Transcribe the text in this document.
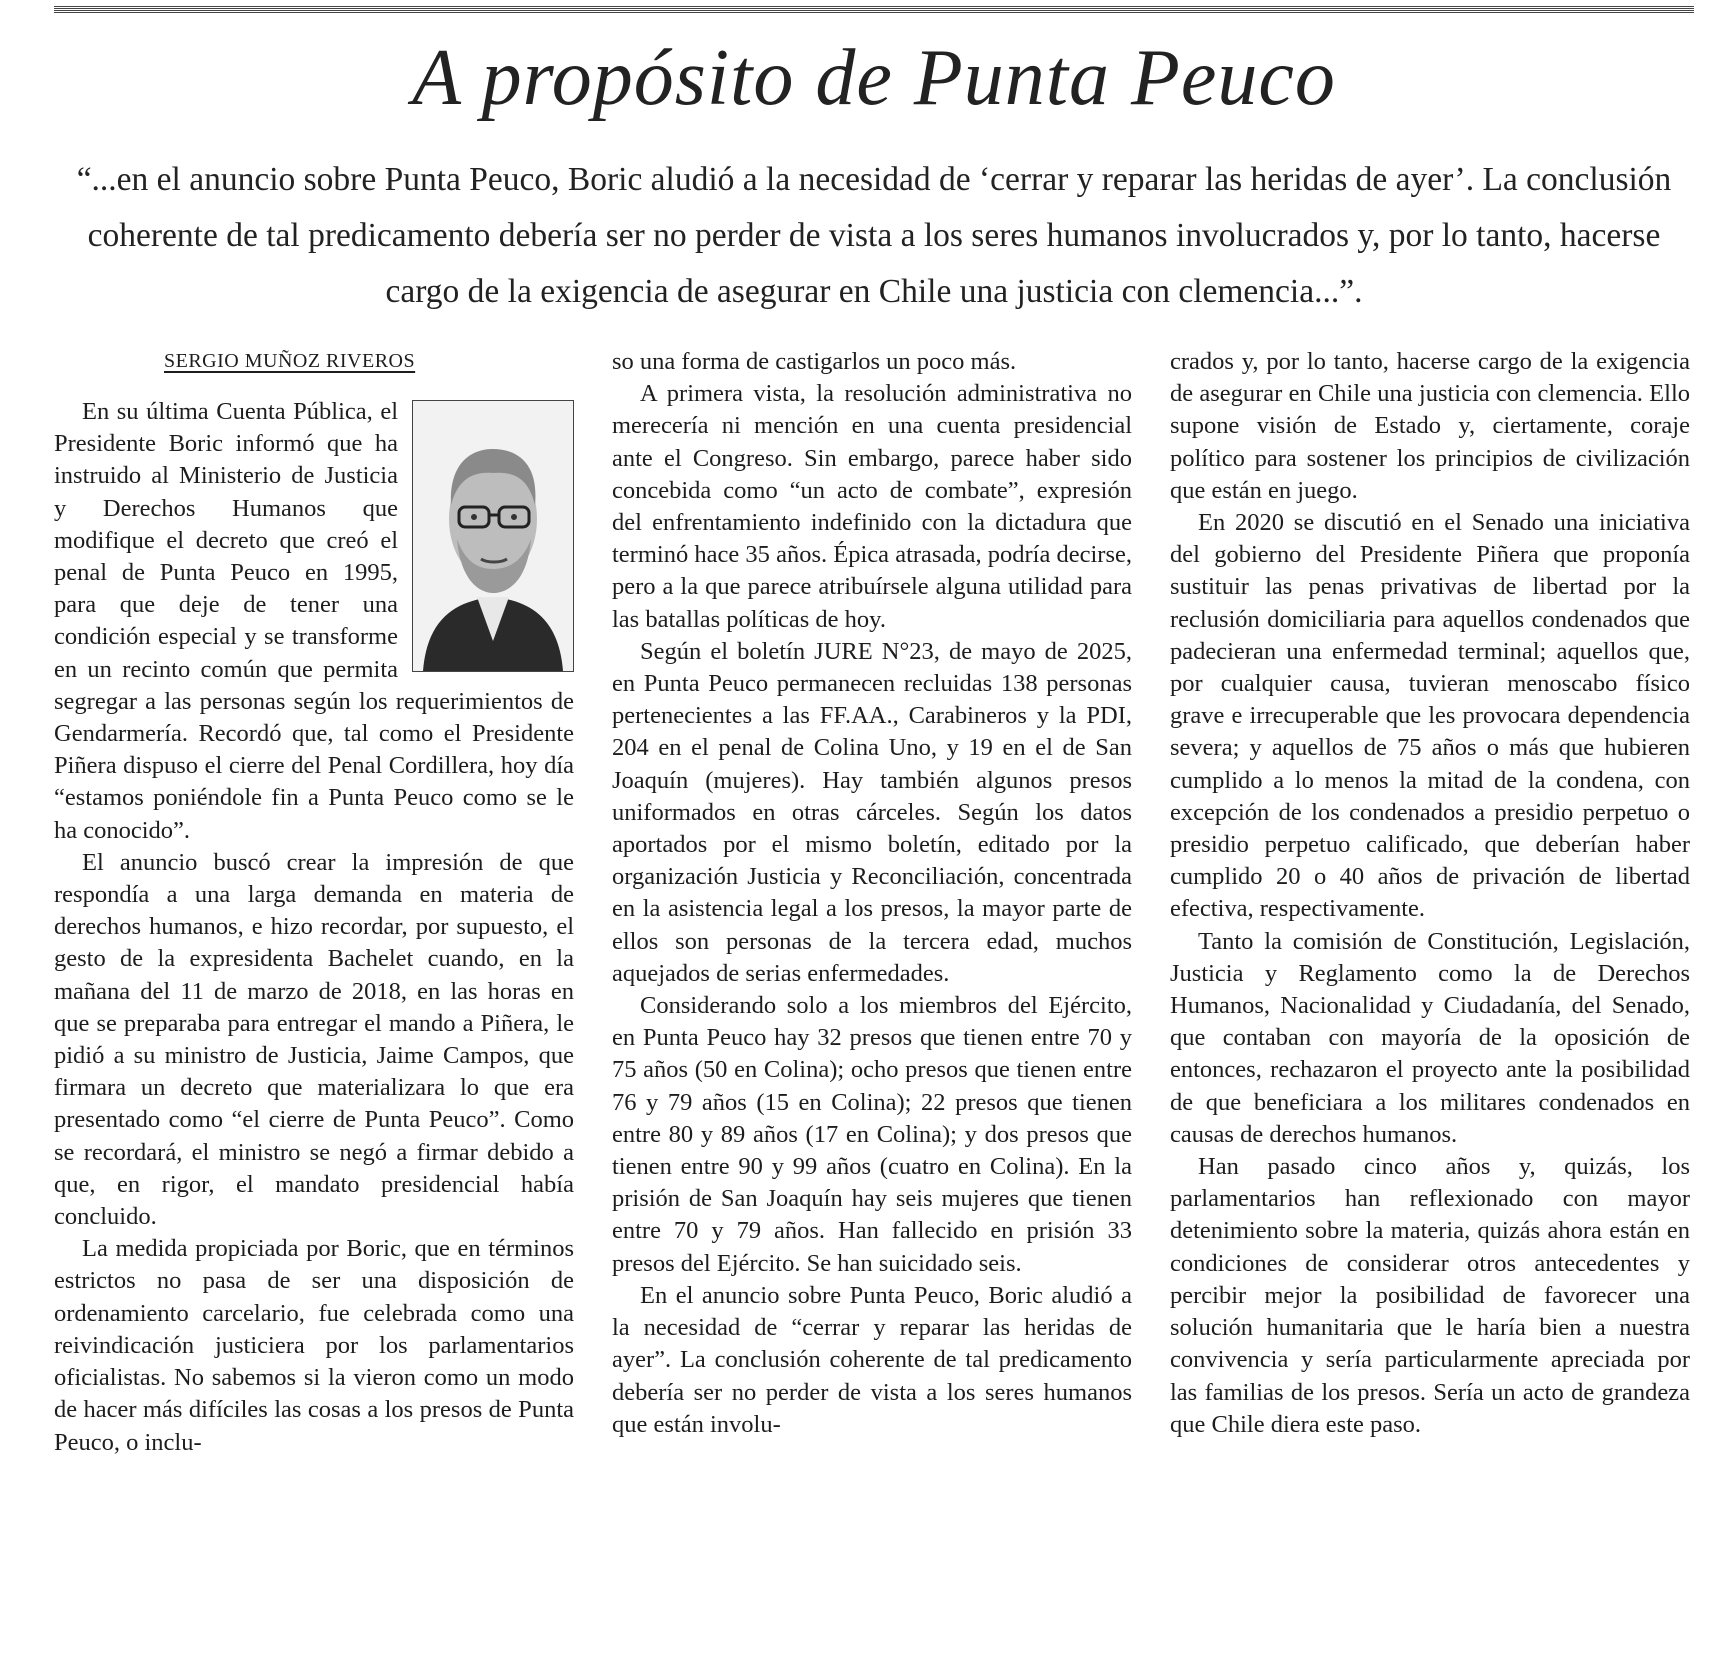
A propósito de Punta Peuco

“...en el anuncio sobre Punta Peuco, Boric aludió a la necesidad de ‘cerrar y reparar las heridas de ayer’. La conclusión coherente de tal predicamento debería ser no perder de vista a los seres humanos involucrados y, por lo tanto, hacerse cargo de la exigencia de asegurar en Chile una justicia con clemencia...”.

SERGIO MUÑOZ RIVEROS

En su última Cuenta Pública, el Presidente Boric informó que ha instruido al Ministerio de Justicia y Derechos Humanos que modifique el decreto que creó el penal de Punta Peuco en 1995, para que deje de tener una condición especial y se transforme en un recinto común que permita segregar a las personas según los requerimientos de Gendarmería. Recordó que, tal como el Presidente Piñera dispuso el cierre del Penal Cordillera, hoy día “estamos poniéndole fin a Punta Peuco como se le ha conocido”.

El anuncio buscó crear la impresión de que respondía a una larga demanda en materia de derechos humanos, e hizo recordar, por supuesto, el gesto de la expresidenta Bachelet cuando, en la mañana del 11 de marzo de 2018, en las horas en que se preparaba para entregar el mando a Piñera, le pidió a su ministro de Justicia, Jaime Campos, que firmara un decreto que materializara lo que era presentado como “el cierre de Punta Peuco”. Como se recordará, el ministro se negó a firmar debido a que, en rigor, el mandato presidencial había concluido.

La medida propiciada por Boric, que en términos estrictos no pasa de ser una disposición de ordenamiento carcelario, fue celebrada como una reivindicación justiciera por los parlamentarios oficialistas. No sabemos si la vieron como un modo de hacer más difíciles las cosas a los presos de Punta Peuco, o inclu-

so una forma de castigarlos un poco más.

A primera vista, la resolución administrativa no merecería ni mención en una cuenta presidencial ante el Congreso. Sin embargo, parece haber sido concebida como “un acto de combate”, expresión del enfrentamiento indefinido con la dictadura que terminó hace 35 años. Épica atrasada, podría decirse, pero a la que parece atribuírsele alguna utilidad para las batallas políticas de hoy.

Según el boletín JURE N°23, de mayo de 2025, en Punta Peuco permanecen recluidas 138 personas pertenecientes a las FF.AA., Carabineros y la PDI, 204 en el penal de Colina Uno, y 19 en el de San Joaquín (mujeres). Hay también algunos presos uniformados en otras cárceles. Según los datos aportados por el mismo boletín, editado por la organización Justicia y Reconciliación, concentrada en la asistencia legal a los presos, la mayor parte de ellos son personas de la tercera edad, muchos aquejados de serias enfermedades.

Considerando solo a los miembros del Ejército, en Punta Peuco hay 32 presos que tienen entre 70 y 75 años (50 en Colina); ocho presos que tienen entre 76 y 79 años (15 en Colina); 22 presos que tienen entre 80 y 89 años (17 en Colina); y dos presos que tienen entre 90 y 99 años (cuatro en Colina). En la prisión de San Joaquín hay seis mujeres que tienen entre 70 y 79 años. Han fallecido en prisión 33 presos del Ejército. Se han suicidado seis.

En el anuncio sobre Punta Peuco, Boric aludió a la necesidad de “cerrar y reparar las heridas de ayer”. La conclusión coherente de tal predicamento debería ser no perder de vista a los seres humanos que están involu-

crados y, por lo tanto, hacerse cargo de la exigencia de asegurar en Chile una justicia con clemencia. Ello supone visión de Estado y, ciertamente, coraje político para sostener los principios de civilización que están en juego.

En 2020 se discutió en el Senado una iniciativa del gobierno del Presidente Piñera que proponía sustituir las penas privativas de libertad por la reclusión domiciliaria para aquellos condenados que padecieran una enfermedad terminal; aquellos que, por cualquier causa, tuvieran menoscabo físico grave e irrecuperable que les provocara dependencia severa; y aquellos de 75 años o más que hubieren cumplido a lo menos la mitad de la condena, con excepción de los condenados a presidio perpetuo o presidio perpetuo calificado, que deberían haber cumplido 20 o 40 años de privación de libertad efectiva, respectivamente.

Tanto la comisión de Constitución, Legislación, Justicia y Reglamento como la de Derechos Humanos, Nacionalidad y Ciudadanía, del Senado, que contaban con mayoría de la oposición de entonces, rechazaron el proyecto ante la posibilidad de que beneficiara a los militares condenados en causas de derechos humanos.

Han pasado cinco años y, quizás, los parlamentarios han reflexionado con mayor detenimiento sobre la materia, quizás ahora están en condiciones de considerar otros antecedentes y percibir mejor la posibilidad de favorecer una solución humanitaria que le haría bien a nuestra convivencia y sería particularmente apreciada por las familias de los presos. Sería un acto de grandeza que Chile diera este paso.
